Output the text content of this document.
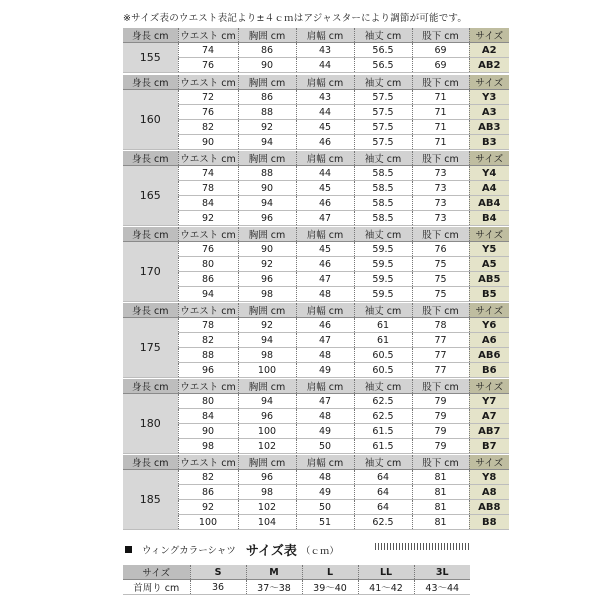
※サイズ表のウエスト表記より±４ｃｍはアジャスターにより調節が可能です。
身長 cm	ウエスト cm	胸囲 cm	肩幅 cm	袖丈 cm	股下 cm	サイズ
155	74	86	43	56.5	69	A2
	76	90	44	56.5	69	AB2
身長 cm	ウエスト cm	胸囲 cm	肩幅 cm	袖丈 cm	股下 cm	サイズ
160	72	86	43	57.5	71	Y3
	76	88	44	57.5	71	A3
	82	92	45	57.5	71	AB3
	90	94	46	57.5	71	B3
身長 cm	ウエスト cm	胸囲 cm	肩幅 cm	袖丈 cm	股下 cm	サイズ
165	74	88	44	58.5	73	Y4
	78	90	45	58.5	73	A4
	84	94	46	58.5	73	AB4
	92	96	47	58.5	73	B4
身長 cm	ウエスト cm	胸囲 cm	肩幅 cm	袖丈 cm	股下 cm	サイズ
170	76	90	45	59.5	76	Y5
	80	92	46	59.5	75	A5
	86	96	47	59.5	75	AB5
	94	98	48	59.5	75	B5
身長 cm	ウエスト cm	胸囲 cm	肩幅 cm	袖丈 cm	股下 cm	サイズ
175	78	92	46	61	78	Y6
	82	94	47	61	77	A6
	88	98	48	60.5	77	AB6
	96	100	49	60.5	77	B6
身長 cm	ウエスト cm	胸囲 cm	肩幅 cm	袖丈 cm	股下 cm	サイズ
180	80	94	47	62.5	79	Y7
	84	96	48	62.5	79	A7
	90	100	49	61.5	79	AB7
	98	102	50	61.5	79	B7
身長 cm	ウエスト cm	胸囲 cm	肩幅 cm	袖丈 cm	股下 cm	サイズ
185	82	96	48	64	81	Y8
	86	98	49	64	81	A8
	92	102	50	64	81	AB8
	100	104	51	62.5	81	B8
ウィングカラーシャツ サイズ表 （ｃｍ）
サイズ	S	M	L	LL	3L
首周り cm	36	37〜38	39〜40	41〜42	43〜44
